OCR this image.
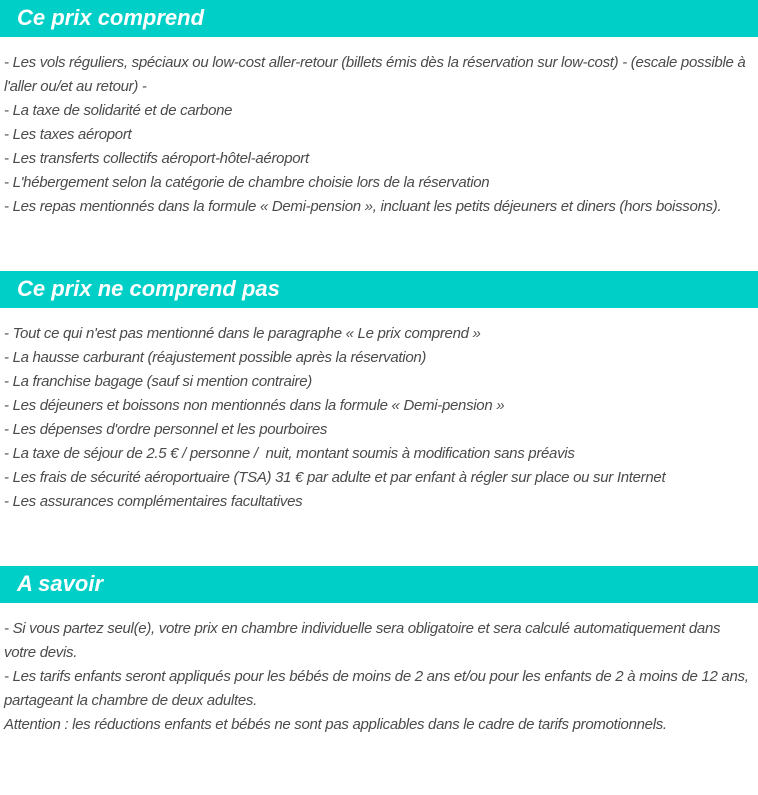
Ce prix comprend

- Les vols réguliers, spéciaux ou low-cost aller-retour (billets émis dès la réservation sur low-cost) - (escale possible à l'aller ou/et au retour) -

- La taxe de solidarité et de carbone

- Les taxes aéroport

- Les transferts collectifs aéroport-hôtel-aéroport

- L'hébergement selon la catégorie de chambre choisie lors de la réservation

- Les repas mentionnés dans la formule « Demi-pension », incluant les petits déjeuners et diners (hors boissons).

Ce prix ne comprend pas

- Tout ce qui n'est pas mentionné dans le paragraphe « Le prix comprend »

- La hausse carburant (réajustement possible après la réservation)

- La franchise bagage (sauf si mention contraire)

- Les déjeuners et boissons non mentionnés dans la formule « Demi-pension »

- Les dépenses d'ordre personnel et les pourboires

- La taxe de séjour de 2.5 € / personne /  nuit, montant soumis à modification sans préavis

- Les frais de sécurité aéroportuaire (TSA) 31 € par adulte et par enfant à régler sur place ou sur Internet

- Les assurances complémentaires facultatives

A savoir

- Si vous partez seul(e), votre prix en chambre individuelle sera obligatoire et sera calculé automatiquement dans votre devis.

- Les tarifs enfants seront appliqués pour les bébés de moins de 2 ans et/ou pour les enfants de 2 à moins de 12 ans, partageant la chambre de deux adultes.

Attention : les réductions enfants et bébés ne sont pas applicables dans le cadre de tarifs promotionnels.
